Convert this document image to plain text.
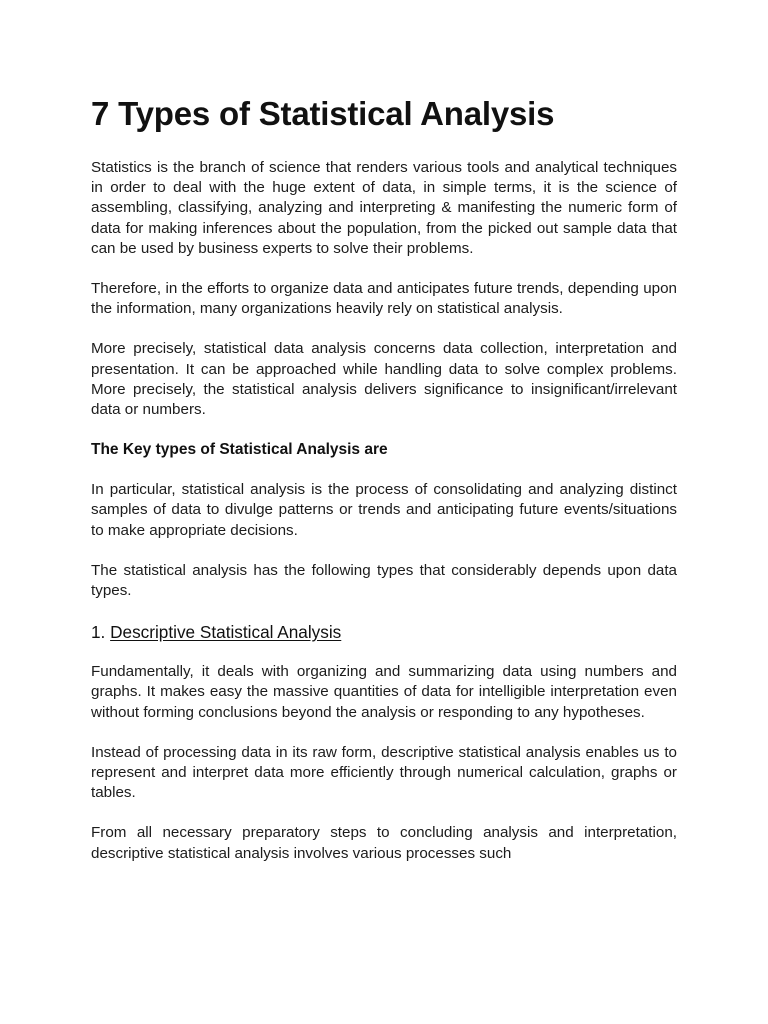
7 Types of Statistical Analysis

Statistics is the branch of science that renders various tools and analytical techniques in order to deal with the huge extent of data, in simple terms, it is the science of assembling, classifying, analyzing and interpreting & manifesting the numeric form of data for making inferences about the population, from the picked out sample data that can be used by business experts to solve their problems.

Therefore, in the efforts to organize data and anticipates future trends, depending upon the information, many organizations heavily rely on statistical analysis.

More precisely, statistical data analysis concerns data collection, interpretation and presentation. It can be approached while handling data to solve complex problems. More precisely, the statistical analysis delivers significance to insignificant/irrelevant data or numbers.

The Key types of Statistical Analysis are

In particular, statistical analysis is the process of consolidating and analyzing distinct samples of data to divulge patterns or trends and anticipating future events/situations to make appropriate decisions.

The statistical analysis has the following types that considerably depends upon data types.

1. Descriptive Statistical Analysis

Fundamentally, it deals with organizing and summarizing data using numbers and graphs. It makes easy the massive quantities of data for intelligible interpretation even without forming conclusions beyond the analysis or responding to any hypotheses.

Instead of processing data in its raw form, descriptive statistical analysis enables us to represent and interpret data more efficiently through numerical calculation, graphs or tables.

From all necessary preparatory steps to concluding analysis and interpretation, descriptive statistical analysis involves various processes such
